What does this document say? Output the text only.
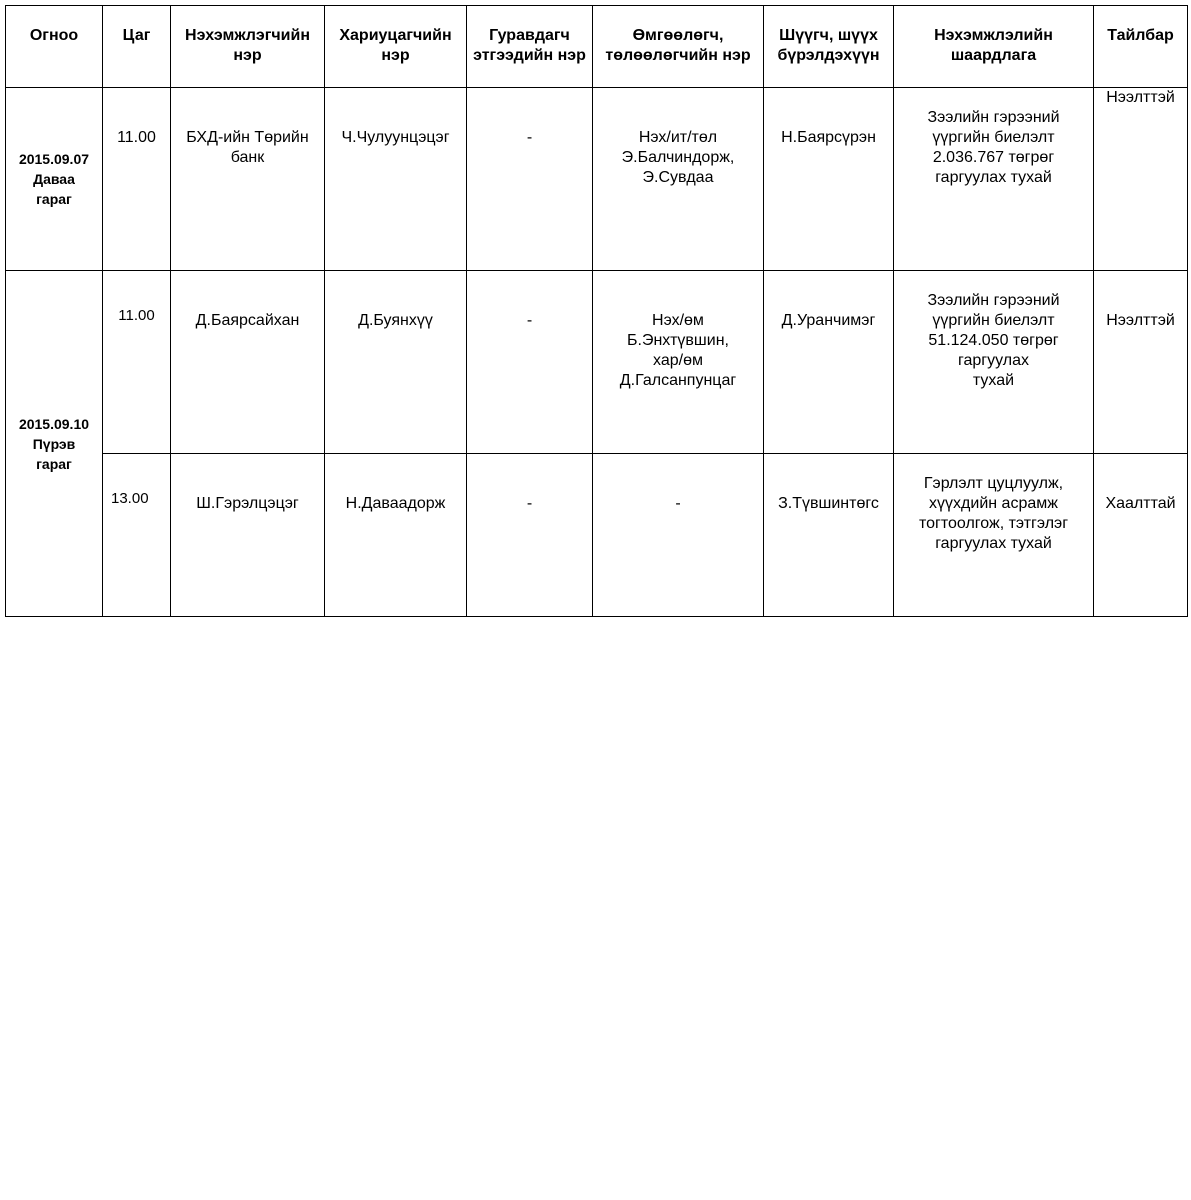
Огноо	Цаг	Нэхэмжлэгчийн нэр	Хариуцагчийн нэр	Гуравдагч этгээдийн нэр	Өмгөөлөгч, төлөөлөгчийн нэр	Шүүгч, шүүх бүрэлдэхүүн	Нэхэмжлэлийн шаардлага	Тайлбар

2015.09.07
Даваа
гараг	11.00	БХД-ийн Төрийн банк	Ч.Чулуунцэцэг	-	Нэх/ит/төл
Э.Балчиндорж,
Э.Сувдаа	Н.Баярсүрэн	Зээлийн гэрээний
үүргийн биелэлт
2.036.767 төгрөг
гаргуулах тухай	Нээлттэй

2015.09.10
Пүрэв
гараг	11.00	Д.Баярсайхан	Д.Буянхүү	-	Нэх/өм
Б.Энхтүвшин,
хар/өм
Д.Галсанпунцаг	Д.Уранчимэг	Зээлийн гэрээний
үүргийн биелэлт
51.124.050 төгрөг
гаргуулах
тухай	Нээлттэй
	13.00	Ш.Гэрэлцэцэг	Н.Даваадорж	-	-	З.Түвшинтөгс	Гэрлэлт цуцлуулж,
хүүхдийн асрамж
тогтоолгож, тэтгэлэг
гаргуулах тухай	Хаалттай
